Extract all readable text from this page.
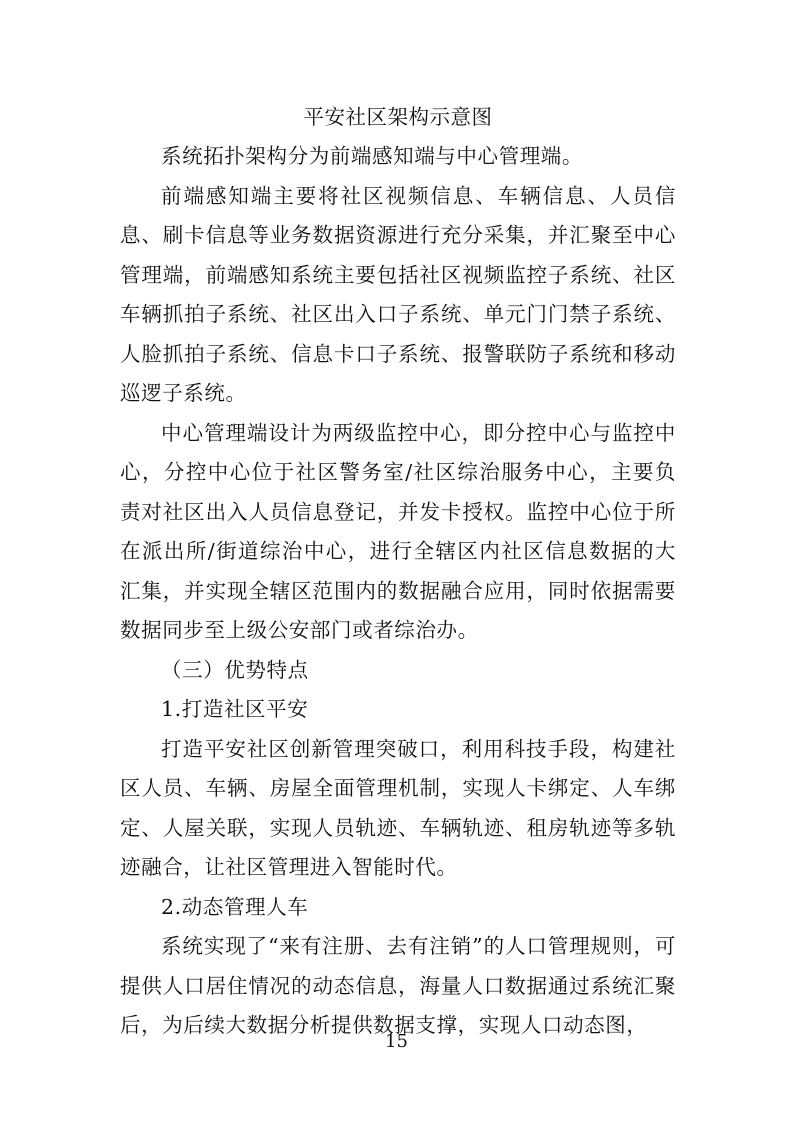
平安社区架构示意图

系统拓扑架构分为前端感知端与中心管理端。

前端感知端主要将社区视频信息、车辆信息、人员信息、刷卡信息等业务数据资源进行充分采集，并汇聚至中心管理端，前端感知系统主要包括社区视频监控子系统、社区车辆抓拍子系统、社区出入口子系统、单元门门禁子系统、人脸抓拍子系统、信息卡口子系统、报警联防子系统和移动巡逻子系统。

中心管理端设计为两级监控中心，即分控中心与监控中心，分控中心位于社区警务室/社区综治服务中心，主要负责对社区出入人员信息登记，并发卡授权。监控中心位于所在派出所/街道综治中心，进行全辖区内社区信息数据的大汇集，并实现全辖区范围内的数据融合应用，同时依据需要数据同步至上级公安部门或者综治办。

（三）优势特点

1.打造社区平安

打造平安社区创新管理突破口，利用科技手段，构建社区人员、车辆、房屋全面管理机制，实现人卡绑定、人车绑定、人屋关联，实现人员轨迹、车辆轨迹、租房轨迹等多轨迹融合，让社区管理进入智能时代。

2.动态管理人车

系统实现了“来有注册、去有注销”的人口管理规则，可提供人口居住情况的动态信息，海量人口数据通过系统汇聚后，为后续大数据分析提供数据支撑，实现人口动态图，

15
